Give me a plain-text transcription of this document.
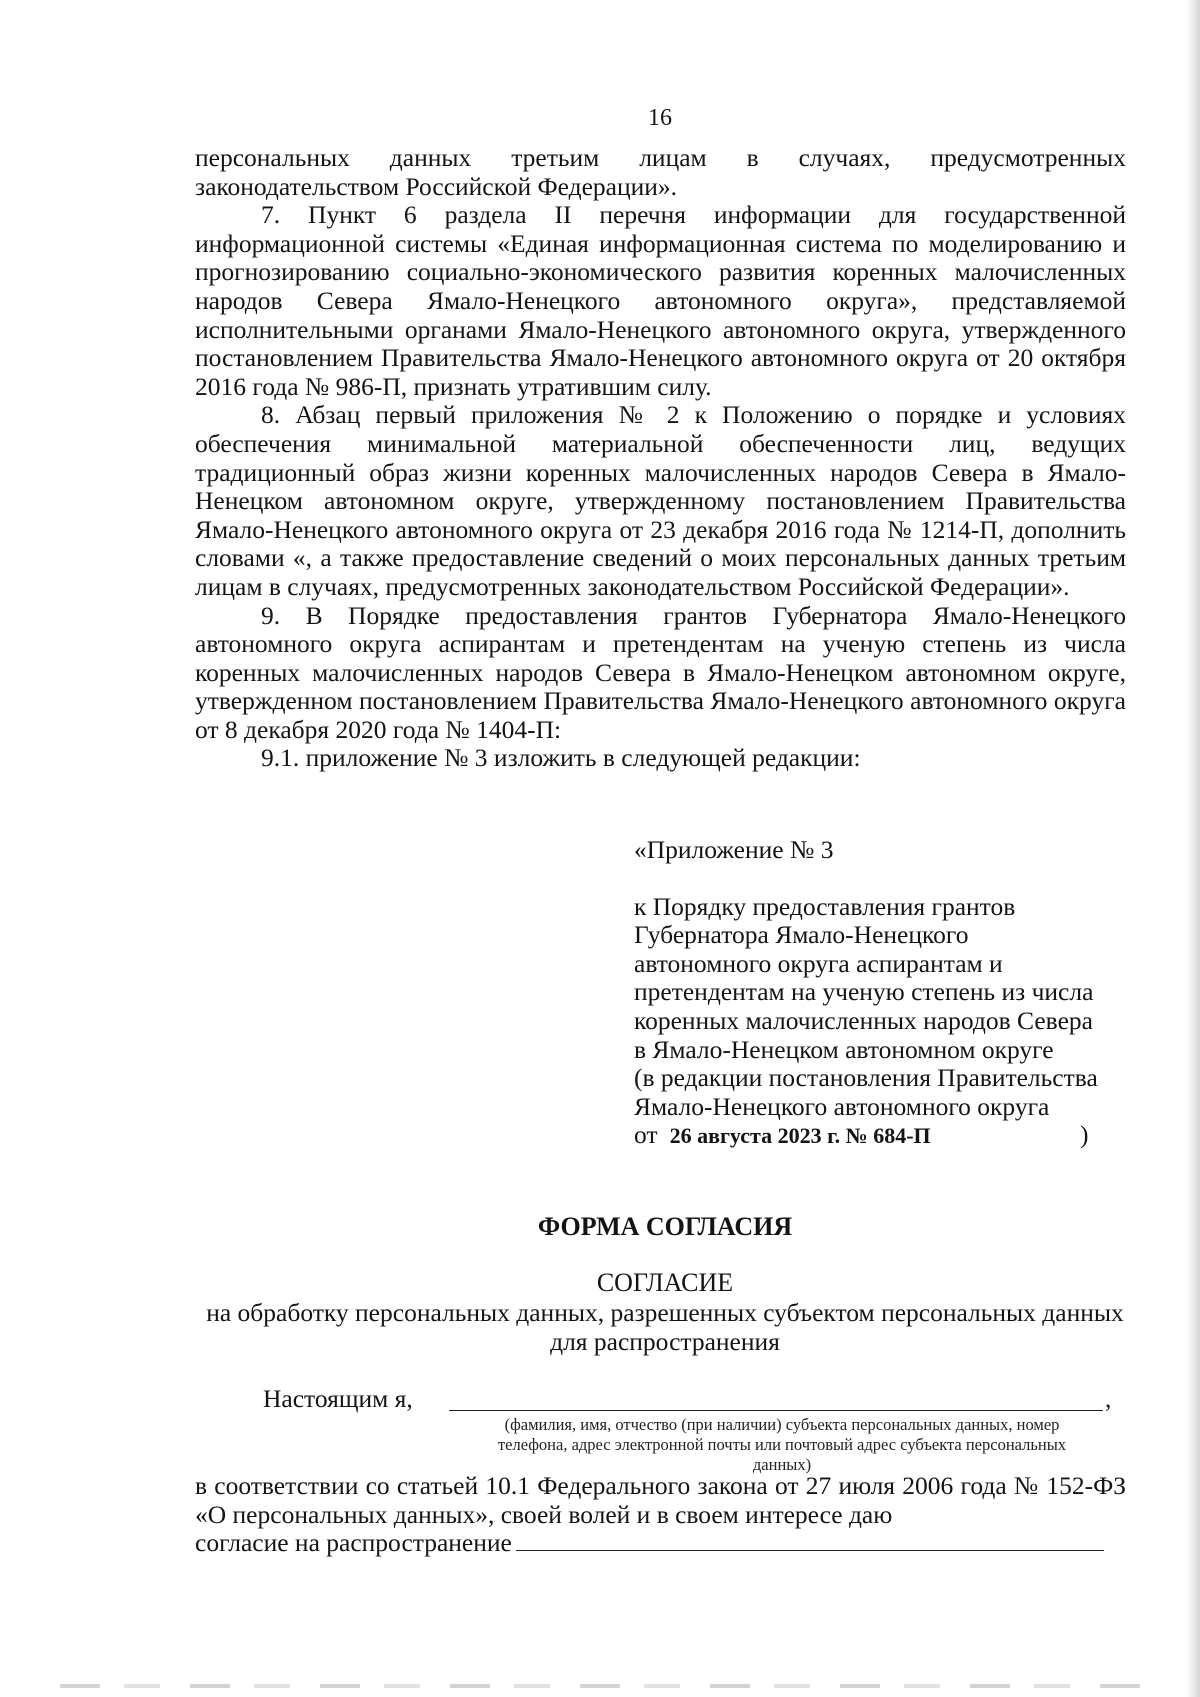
16

персональных данных третьим лицам в случаях, предусмотренных законодательством Российской Федерации».

7. Пункт 6 раздела II перечня информации для государственной информационной системы «Единая информационная система по моделированию и прогнозированию социально-экономического развития коренных малочисленных народов Севера Ямало-Ненецкого автономного округа», представляемой исполнительными органами Ямало-Ненецкого автономного округа, утвержденного постановлением Правительства Ямало-Ненецкого автономного округа от 20 октября 2016 года № 986-П, признать утратившим силу.

8. Абзац первый приложения № 2 к Положению о порядке и условиях обеспечения минимальной материальной обеспеченности лиц, ведущих традиционный образ жизни коренных малочисленных народов Севера в Ямало-Ненецком автономном округе, утвержденному постановлением Правительства Ямало-Ненецкого автономного округа от 23 декабря 2016 года № 1214-П, дополнить словами «, а также предоставление сведений о моих персональных данных третьим лицам в случаях, предусмотренных законодательством Российской Федерации».

9. В Порядке предоставления грантов Губернатора Ямало-Ненецкого автономного округа аспирантам и претендентам на ученую степень из числа коренных малочисленных народов Севера в Ямало-Ненецком автономном округе, утвержденном постановлением Правительства Ямало-Ненецкого автономного округа от 8 декабря 2020 года № 1404-П:

9.1. приложение № 3 изложить в следующей редакции:

«Приложение № 3

к Порядку предоставления грантов

Губернатора Ямало-Ненецкого

автономного округа аспирантам и

претендентам на ученую степень из числа

коренных малочисленных народов Севера

в Ямало-Ненецком автономном округе

(в редакции постановления Правительства

Ямало-Ненецкого автономного округа

от 26 августа 2023 г. № 684-П	)

ФОРМА СОГЛАСИЯ
СОГЛАСИЕ
на обработку персональных данных, разрешенных субъектом персональных данных для распространения
Настоящим я,	,
(фамилия, имя, отчество (при наличии) субъекта персональных данных, номер
телефона, адрес электронной почты или почтовый адрес субъекта персональных
данных)

в соответствии со статьей 10.1 Федерального закона от 27 июля 2006 года № 152-ФЗ «О персональных данных», своей волей и в своем интересе даю

согласие на распространение
